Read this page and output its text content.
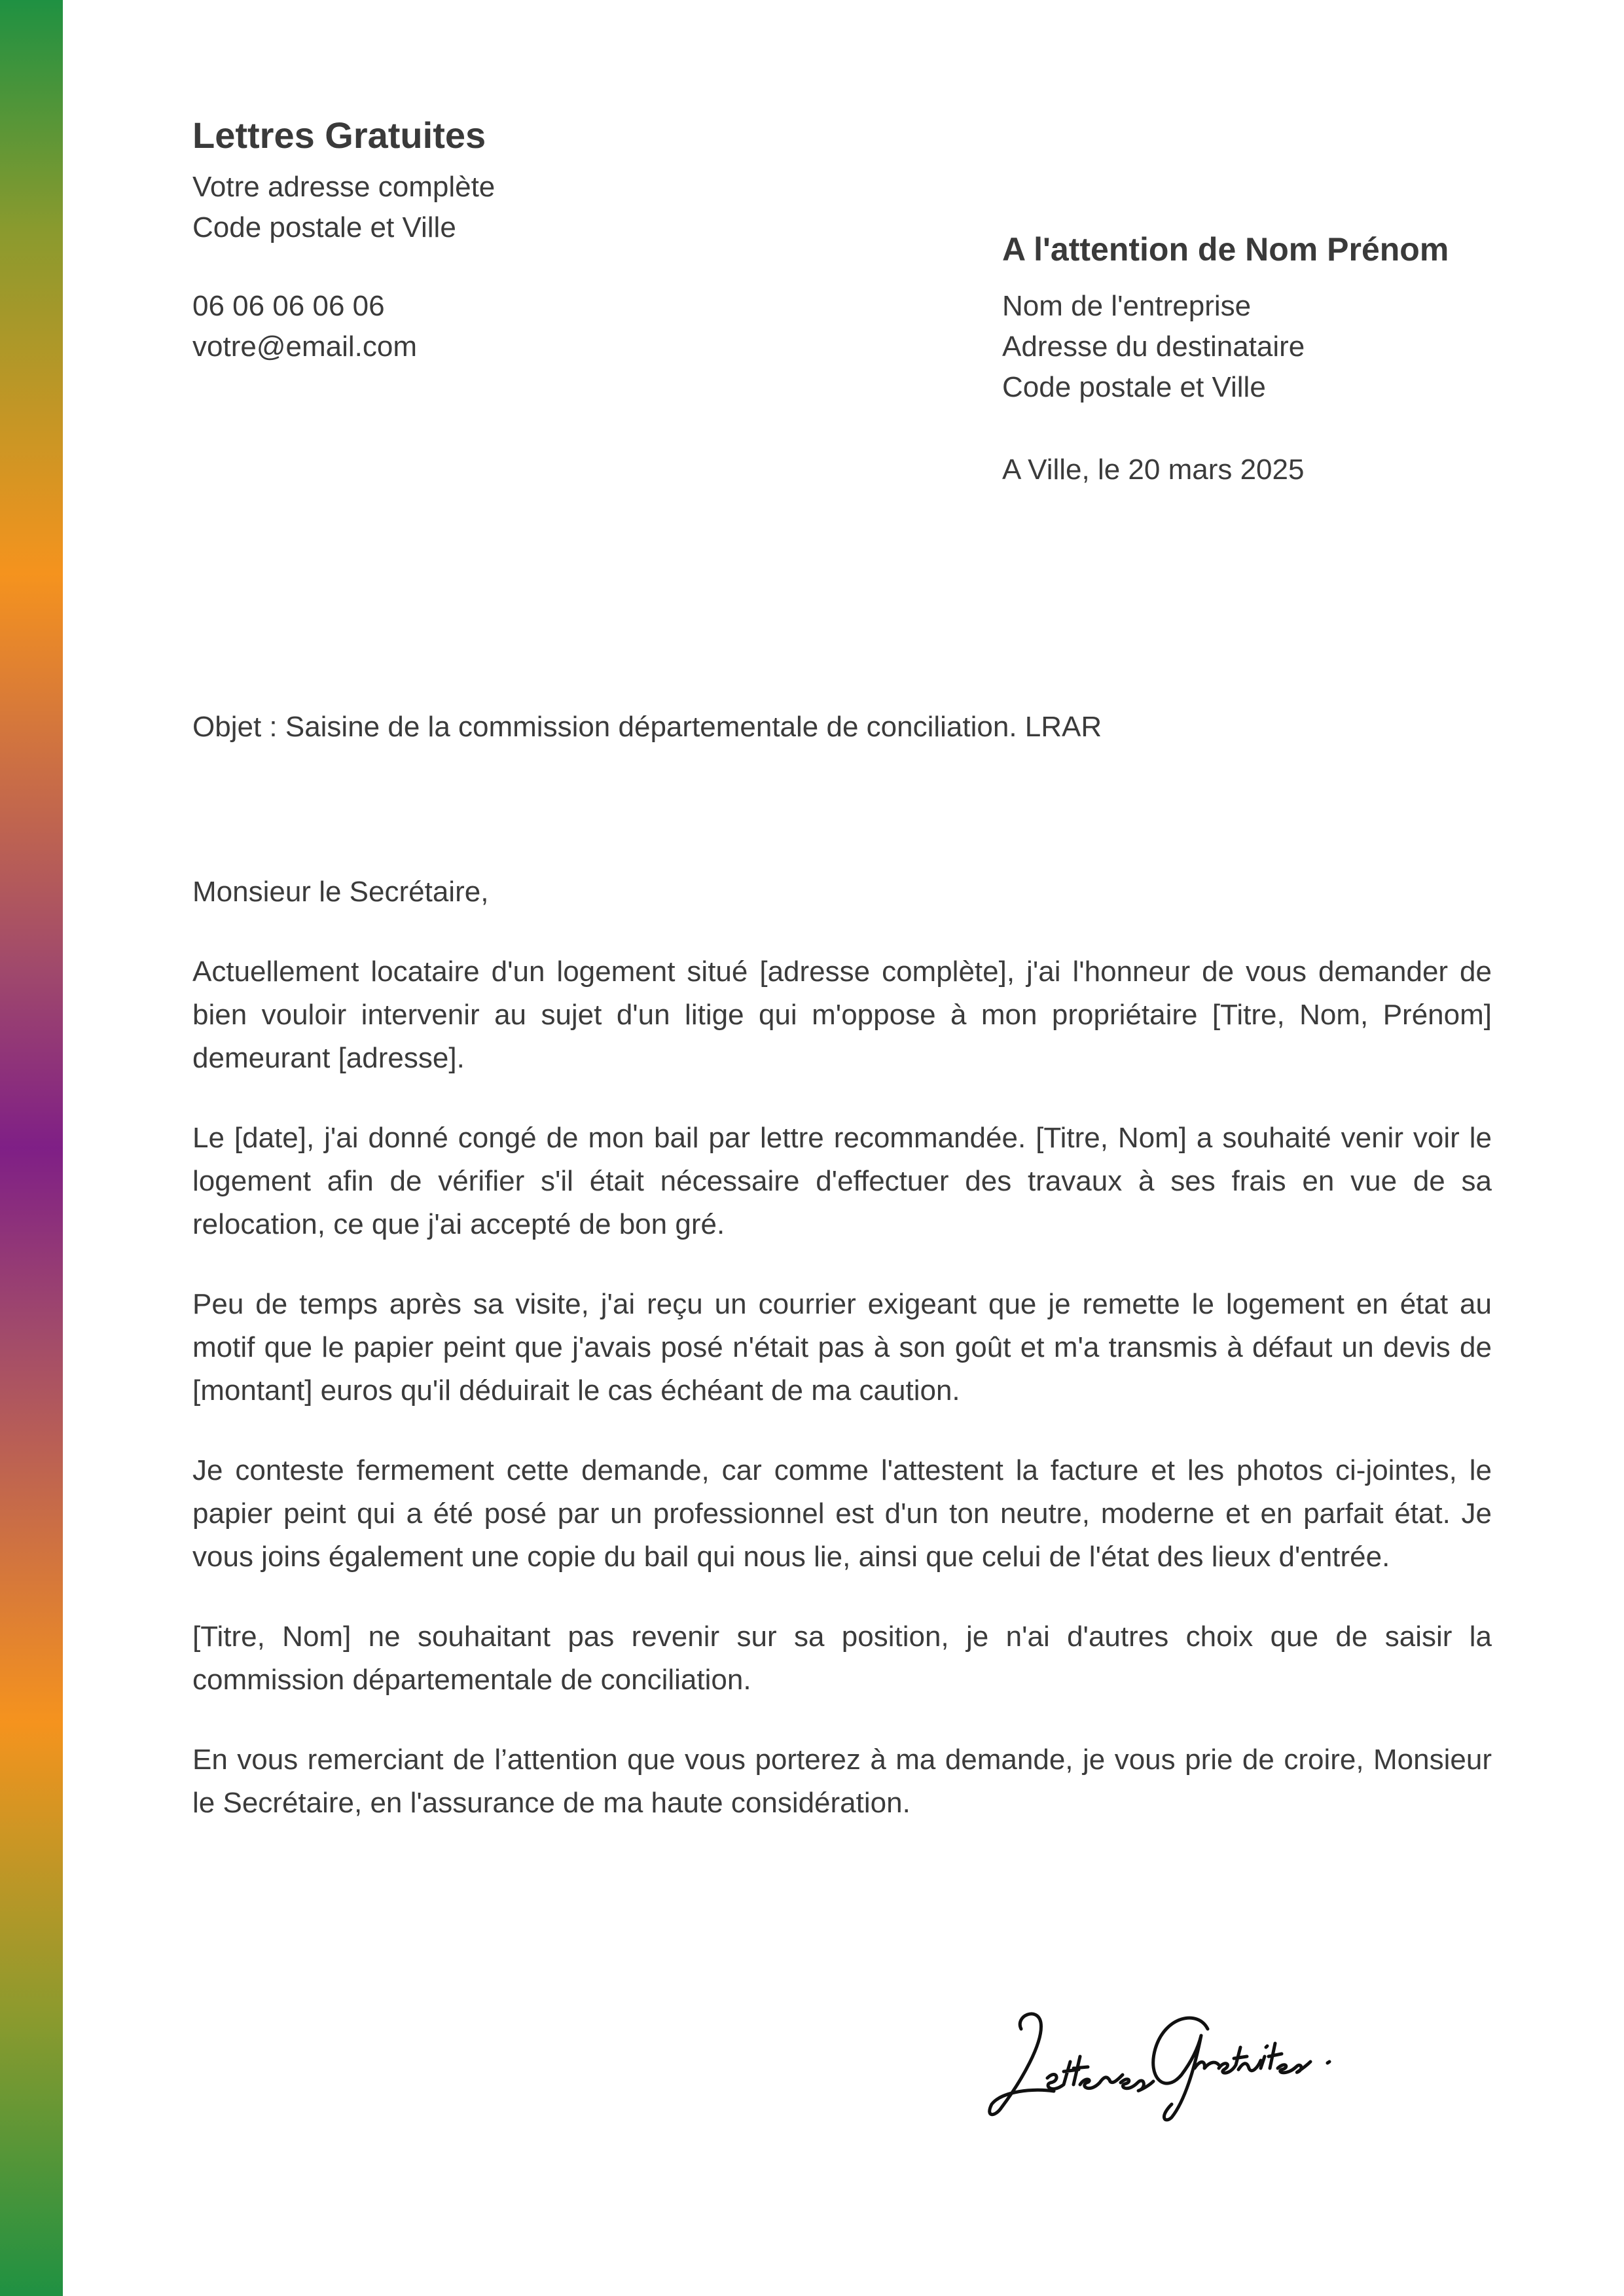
Lettres Gratuites
Votre adresse complète
Code postale et Ville
06 06 06 06 06
votre@email.com
A l'attention de Nom Prénom
Nom de l'entreprise
Adresse du destinataire
Code postale et Ville
A Ville, le 20 mars 2025
Objet : Saisine de la commission départementale de conciliation. LRAR

Monsieur le Secrétaire,

Actuellement locataire d'un logement situé [adresse complète], j'ai l'honneur de vous demander de bien vouloir intervenir au sujet d'un litige qui m'oppose à mon propriétaire [Titre, Nom, Prénom] demeurant [adresse].

Le [date], j'ai donné congé de mon bail par lettre recommandée. [Titre, Nom] a souhaité venir voir le logement afin de vérifier s'il était nécessaire d'effectuer des travaux à ses frais en vue de sa relocation, ce que j'ai accepté de bon gré.

Peu de temps après sa visite, j'ai reçu un courrier exigeant que je remette le logement en état au motif que le papier peint que j'avais posé n'était pas à son goût et m'a transmis à défaut un devis de [montant] euros qu'il déduirait le cas échéant de ma caution.

Je conteste fermement cette demande, car comme l'attestent la facture et les photos ci-jointes, le papier peint qui a été posé par un professionnel est d'un ton neutre, moderne et en parfait état. Je vous joins également une copie du bail qui nous lie, ainsi que celui de l'état des lieux d'entrée.

[Titre, Nom] ne souhaitant pas revenir sur sa position, je n'ai d'autres choix que de saisir la commission départementale de conciliation.

En vous remerciant de l’attention que vous porterez à ma demande, je vous prie de croire, Monsieur le Secrétaire, en l'assurance de ma haute considération.
